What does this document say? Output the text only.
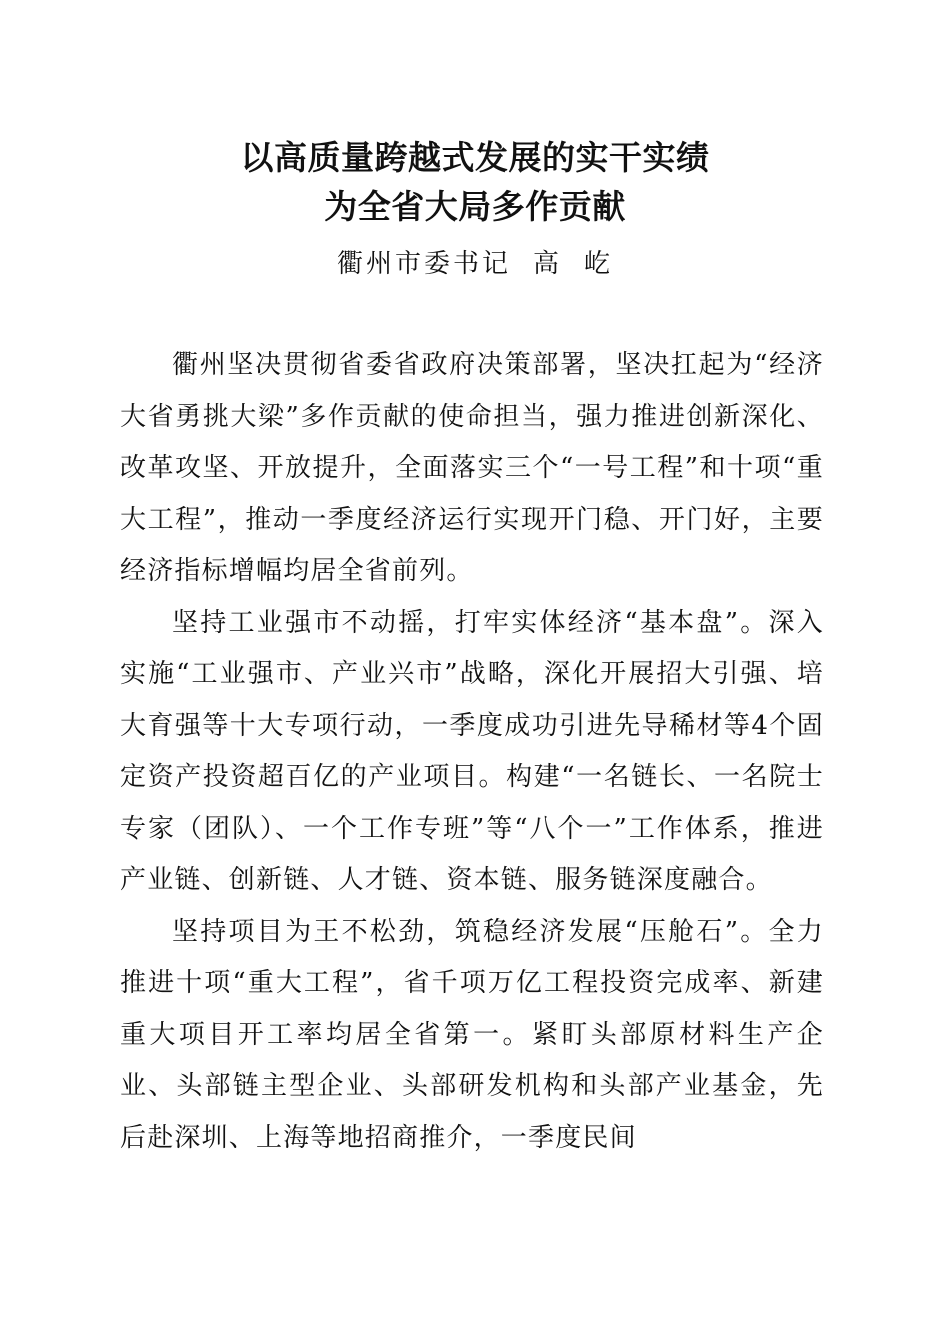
以高质量跨越式发展的实干实绩
为全省大局多作贡献
衢州市委书记 高 屹

衢州坚决贯彻省委省政府决策部署，坚决扛起为“经济大省勇挑大梁”多作贡献的使命担当，强力推进创新深化、改革攻坚、开放提升，全面落实三个“一号工程”和十项“重大工程”，推动一季度经济运行实现开门稳、开门好，主要经济指标增幅均居全省前列。

坚持工业强市不动摇，打牢实体经济“基本盘”。深入实施“工业强市、产业兴市”战略，深化开展招大引强、培大育强等十大专项行动，一季度成功引进先导稀材等4个固定资产投资超百亿的产业项目。构建“一名链长、一名院士专家（团队）、一个工作专班”等“八个一”工作体系，推进产业链、创新链、人才链、资本链、服务链深度融合。

坚持项目为王不松劲，筑稳经济发展“压舱石”。全力推进十项“重大工程”，省千项万亿工程投资完成率、新建重大项目开工率均居全省第一。紧盯头部原材料生产企业、头部链主型企业、头部研发机构和头部产业基金，先后赴深圳、上海等地招商推介，一季度民间
